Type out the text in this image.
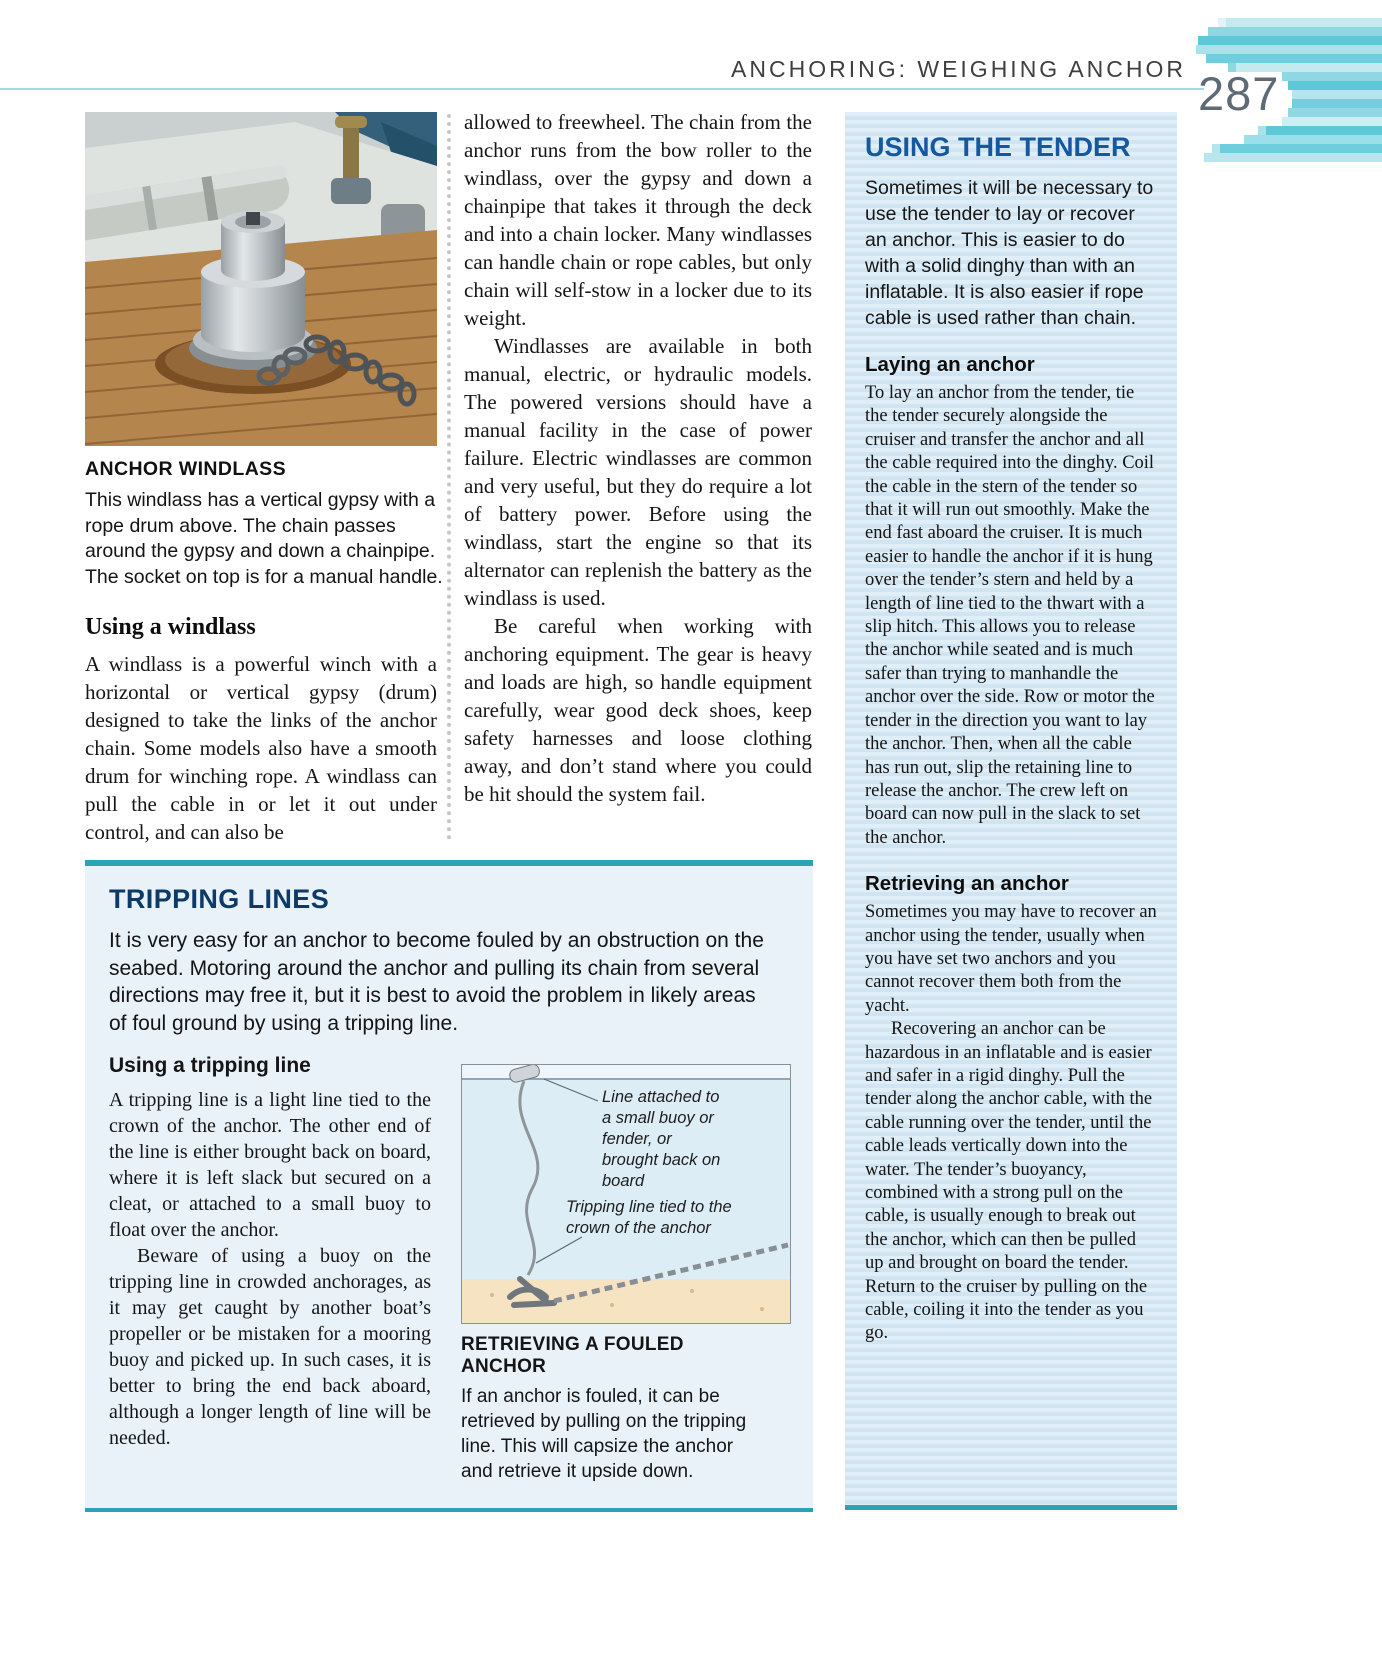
ANCHORING: WEIGHING ANCHOR 287
ANCHOR WINDLASS
This windlass has a vertical gypsy with a rope drum above. The chain passes around the gypsy and down a chainpipe. The socket on top is for a manual handle.
Using a windlass

A windlass is a powerful winch with a horizontal or vertical gypsy (drum) designed to take the links of the anchor chain. Some models also have a smooth drum for winching rope. A windlass can pull the cable in or let it out under control, and can also be

allowed to freewheel. The chain from the anchor runs from the bow roller to the windlass, over the gypsy and down a chainpipe that takes it through the deck and into a chain locker. Many windlasses can handle chain or rope cables, but only chain will self-stow in a locker due to its weight.

Windlasses are available in both manual, electric, or hydraulic models. The powered versions should have a manual facility in the case of power failure. Electric windlasses are common and very useful, but they do require a lot of battery power. Before using the windlass, start the engine so that its alternator can replenish the battery as the windlass is used.

Be careful when working with anchoring equipment. The gear is heavy and loads are high, so handle equipment carefully, wear good deck shoes, keep safety harnesses and loose clothing away, and don’t stand where you could be hit should the system fail.

USING THE TENDER

Sometimes it will be necessary to use the tender to lay or recover an anchor. This is easier to do with a solid dinghy than with an inflatable. It is also easier if rope cable is used rather than chain.

Laying an anchor

To lay an anchor from the tender, tie the tender securely alongside the cruiser and transfer the anchor and all the cable required into the dinghy. Coil the cable in the stern of the tender so that it will run out smoothly. Make the end fast aboard the cruiser. It is much easier to handle the anchor if it is hung over the tender’s stern and held by a length of line tied to the thwart with a slip hitch. This allows you to release the anchor while seated and is much safer than trying to manhandle the anchor over the side. Row or motor the tender in the direction you want to lay the anchor. Then, when all the cable has run out, slip the retaining line to release the anchor. The crew left on board can now pull in the slack to set the anchor.

Retrieving an anchor

Sometimes you may have to recover an anchor using the tender, usually when you have set two anchors and you cannot recover them both from the yacht.

Recovering an anchor can be hazardous in an inflatable and is easier and safer in a rigid dinghy. Pull the tender along the anchor cable, with the cable running over the tender, until the cable leads vertically down into the water. The tender’s buoyancy, combined with a strong pull on the cable, is usually enough to break out the anchor, which can then be pulled up and brought on board the tender. Return to the cruiser by pulling on the cable, coiling it into the tender as you go.

TRIPPING LINES

It is very easy for an anchor to become fouled by an obstruction on the seabed. Motoring around the anchor and pulling its chain from several directions may free it, but it is best to avoid the problem in likely areas of foul ground by using a tripping line.

Using a tripping line

A tripping line is a light line tied to the crown of the anchor. The other end of the line is either brought back on board, where it is left slack but secured on a cleat, or attached to a small buoy to float over the anchor.

Beware of using a buoy on the tripping line in crowded anchorages, as it may get caught by another boat’s propeller or be mistaken for a mooring buoy and picked up. In such cases, it is better to bring the end back aboard, although a longer length of line will be needed.

Line attached to a small buoy or fender, or brought back on board
Tripping line tied to the crown of the anchor
RETRIEVING A FOULED ANCHOR

If an anchor is fouled, it can be retrieved by pulling on the tripping line. This will capsize the anchor and retrieve it upside down.
